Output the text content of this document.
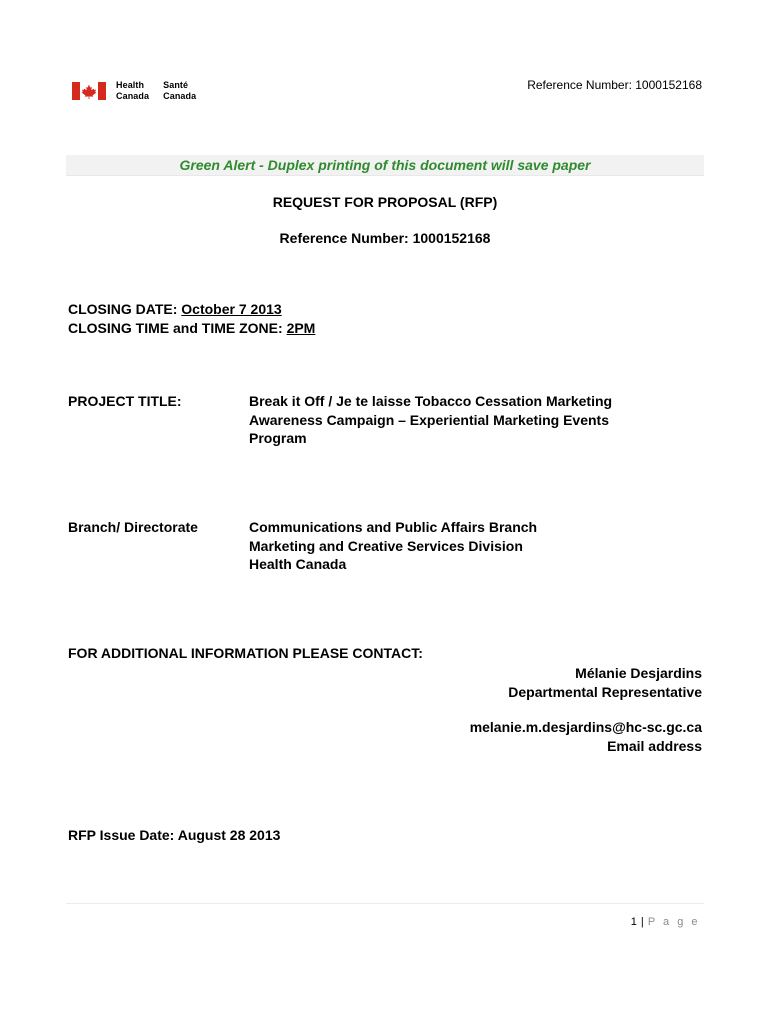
Health
Canada
Santé
Canada
Reference Number: 1000152168
Green Alert - Duplex printing of this document will save paper
REQUEST FOR PROPOSAL (RFP)
Reference Number: 1000152168
CLOSING DATE: October 7 2013
CLOSING TIME and TIME ZONE: 2PM
PROJECT TITLE:	Break it Off / Je te laisse Tobacco Cessation Marketing
Awareness Campaign – Experiential Marketing Events
Program
Branch/ Directorate	Communications and Public Affairs Branch
Marketing and Creative Services Division
Health Canada
FOR ADDITIONAL INFORMATION PLEASE CONTACT:
Mélanie Desjardins
Departmental Representative
melanie.m.desjardins@hc-sc.gc.ca
Email address
RFP Issue Date: August 28 2013
1 | P a g e
